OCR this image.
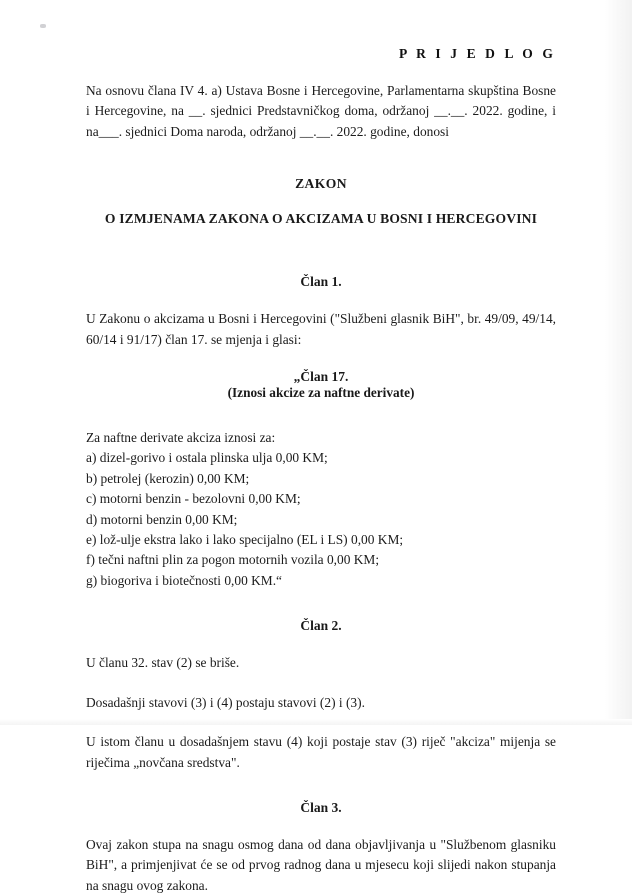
P R I J E D L O G
Na osnovu člana IV 4. a) Ustava Bosne i Hercegovine, Parlamentarna skupština Bosne i Hercegovine, na __. sjednici Predstavničkog doma, održanoj __.__. 2022. godine, i na___. sjednici Doma naroda, održanoj __.__. 2022. godine, donosi
ZAKON
O IZMJENAMA ZAKONA O AKCIZAMA U BOSNI I HERCEGOVINI
Član 1.
U Zakonu o akcizama u Bosni i Hercegovini ("Službeni glasnik BiH", br. 49/09, 49/14, 60/14 i 91/17) član 17. se mjenja i glasi:
„Član 17.
(Iznosi akcize za naftne derivate)
Za naftne derivate akciza iznosi za:
a) dizel-gorivo i ostala plinska ulja 0,00 KM;
b) petrolej (kerozin) 0,00 KM;
c) motorni benzin - bezolovni 0,00 KM;
d) motorni benzin 0,00 KM;
e) lož-ulje ekstra lako i lako specijalno (EL i LS) 0,00 KM;
f) tečni naftni plin za pogon motornih vozila 0,00 KM;
g) biogoriva i biotečnosti 0,00 KM.“
Član 2.
U članu 32. stav (2) se briše.
Dosadašnji stavovi (3) i (4) postaju stavovi (2) i (3).
U istom članu u dosadašnjem stavu (4) koji postaje stav (3) riječ "akciza" mijenja se riječima „novčana sredstva".
Član 3.
Ovaj zakon stupa na snagu osmog dana od dana objavljivanja u "Službenom glasniku BiH", a primjenjivat će se od prvog radnog dana u mjesecu koji slijedi nakon stupanja na snagu ovog zakona.
